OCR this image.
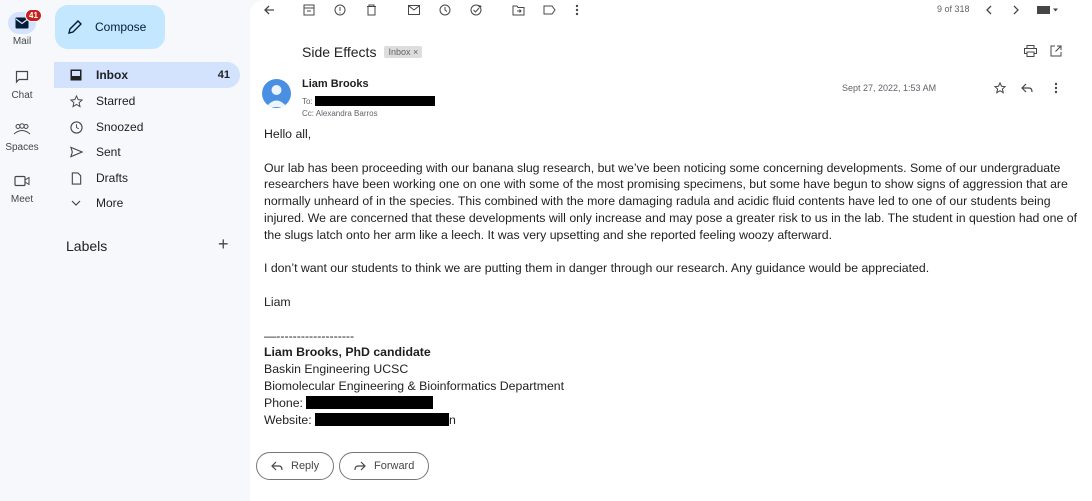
41
Mail
Chat
Spaces
Meet
Compose
Inbox	41
Starred
Snoozed
Sent
Drafts
More
Labels	+
9 of 318
Side Effects	Inbox ×
Liam Brooks
To:
Cc: Alexandra Barros
Sept 27, 2022, 1:53 AM

Hello all,

Our lab has been proceeding with our banana slug research, but we’ve been noticing some concerning developments. Some of our undergraduate researchers have been working one on one with some of the most promising specimens, but some have begun to show signs of aggression that are normally unheard of in the species. This combined with the more damaging radula and acidic fluid contents have led to one of our students being injured. We are concerned that these developments will only increase and may pose a greater risk to us in the lab. The student in question had one of the slugs latch onto her arm like a leech. It was very upsetting and she reported feeling woozy afterward.

I don’t want our students to think we are putting them in danger through our research. Any guidance would be appreciated.

Liam

—-------------------
Liam Brooks, PhD candidate
Baskin Engineering UCSC
Biomolecular Engineering & Bioinformatics Department
Phone:
Website:	n
Reply	Forward
